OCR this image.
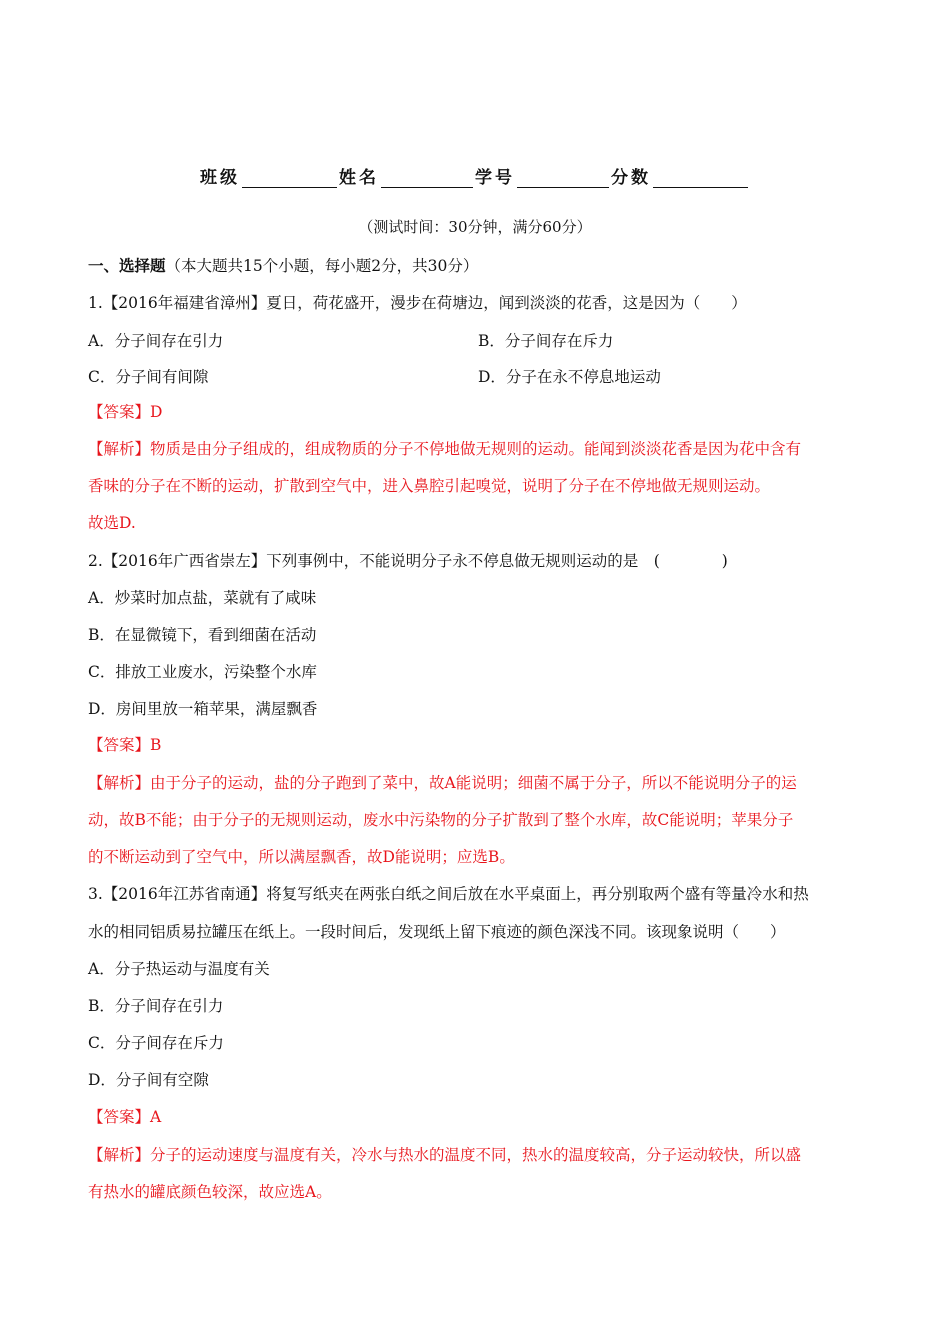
班级	姓名	学号	分数
（测试时间：30分钟，满分60分）
一、选择题（本大题共15个小题，每小题2分，共30分）
1.【2016年福建省漳州】夏日，荷花盛开，漫步在荷塘边，闻到淡淡的花香，这是因为（　　）
A．分子间存在引力	B．分子间存在斥力
C．分子间有间隙	D．分子在永不停息地运动
【答案】D
【解析】物质是由分子组成的，组成物质的分子不停地做无规则的运动。能闻到淡淡花香是因为花中含有
香味的分子在不断的运动，扩散到空气中，进入鼻腔引起嗅觉，说明了分子在不停地做无规则运动。
故选D.
2.【2016年广西省崇左】下列事例中，不能说明分子永不停息做无规则运动的是　(　　　　)
A．炒菜时加点盐，菜就有了咸味
B．在显微镜下，看到细菌在活动
C．排放工业废水，污染整个水库
D．房间里放一箱苹果，满屋飘香
【答案】B
【解析】由于分子的运动，盐的分子跑到了菜中，故A能说明；细菌不属于分子，所以不能说明分子的运
动，故B不能；由于分子的无规则运动，废水中污染物的分子扩散到了整个水库，故C能说明；苹果分子
的不断运动到了空气中，所以满屋飘香，故D能说明；应选B。
3.【2016年江苏省南通】将复写纸夹在两张白纸之间后放在水平桌面上，再分别取两个盛有等量冷水和热
水的相同铝质易拉罐压在纸上。一段时间后，发现纸上留下痕迹的颜色深浅不同。该现象说明（　　）
A．分子热运动与温度有关
B．分子间存在引力
C．分子间存在斥力
D．分子间有空隙
【答案】A
【解析】分子的运动速度与温度有关，冷水与热水的温度不同，热水的温度较高，分子运动较快，所以盛
有热水的罐底颜色较深，故应选A。
